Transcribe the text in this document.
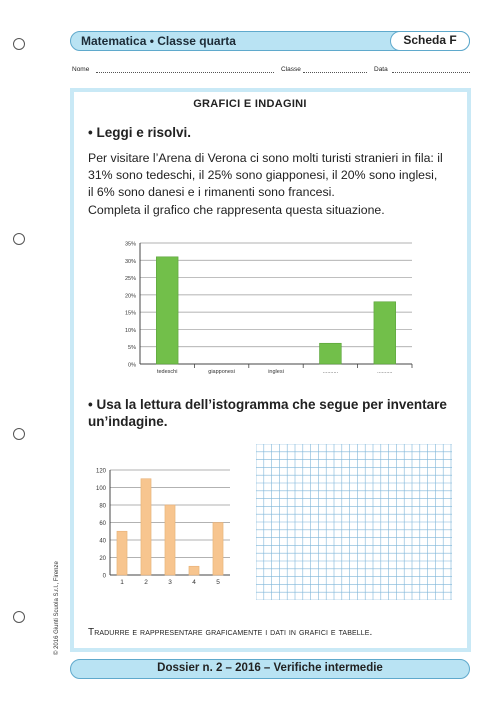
Matematica • Classe quarta	Scheda F
Nome	Classe	Data
GRAFICI E INDAGINI
• Leggi e risolvi.
Per visitare l’Arena di Verona ci sono molti turisti stranieri in fila: il
31% sono tedeschi, il 25% sono giapponesi, il 20% sono inglesi,
il 6% sono danesi e i rimanenti sono francesi.
Completa il grafico che rappresenta questa situazione.
0%
5%
10%
15%
20%
25%
30%
35%
tedeschi	giapponesi	inglesi	..........	..........
• Usa la lettura dell’istogramma che segue per inventare
un’indagine.
0
20
40
60
80
100
120
1	2	3	4	5
Tradurre e rappresentare graficamente i dati in grafici e tabelle.
© 2016 Giunti Scuola S.r.l., Firenze
Dossier n. 2 – 2016 – Verifiche intermedie
